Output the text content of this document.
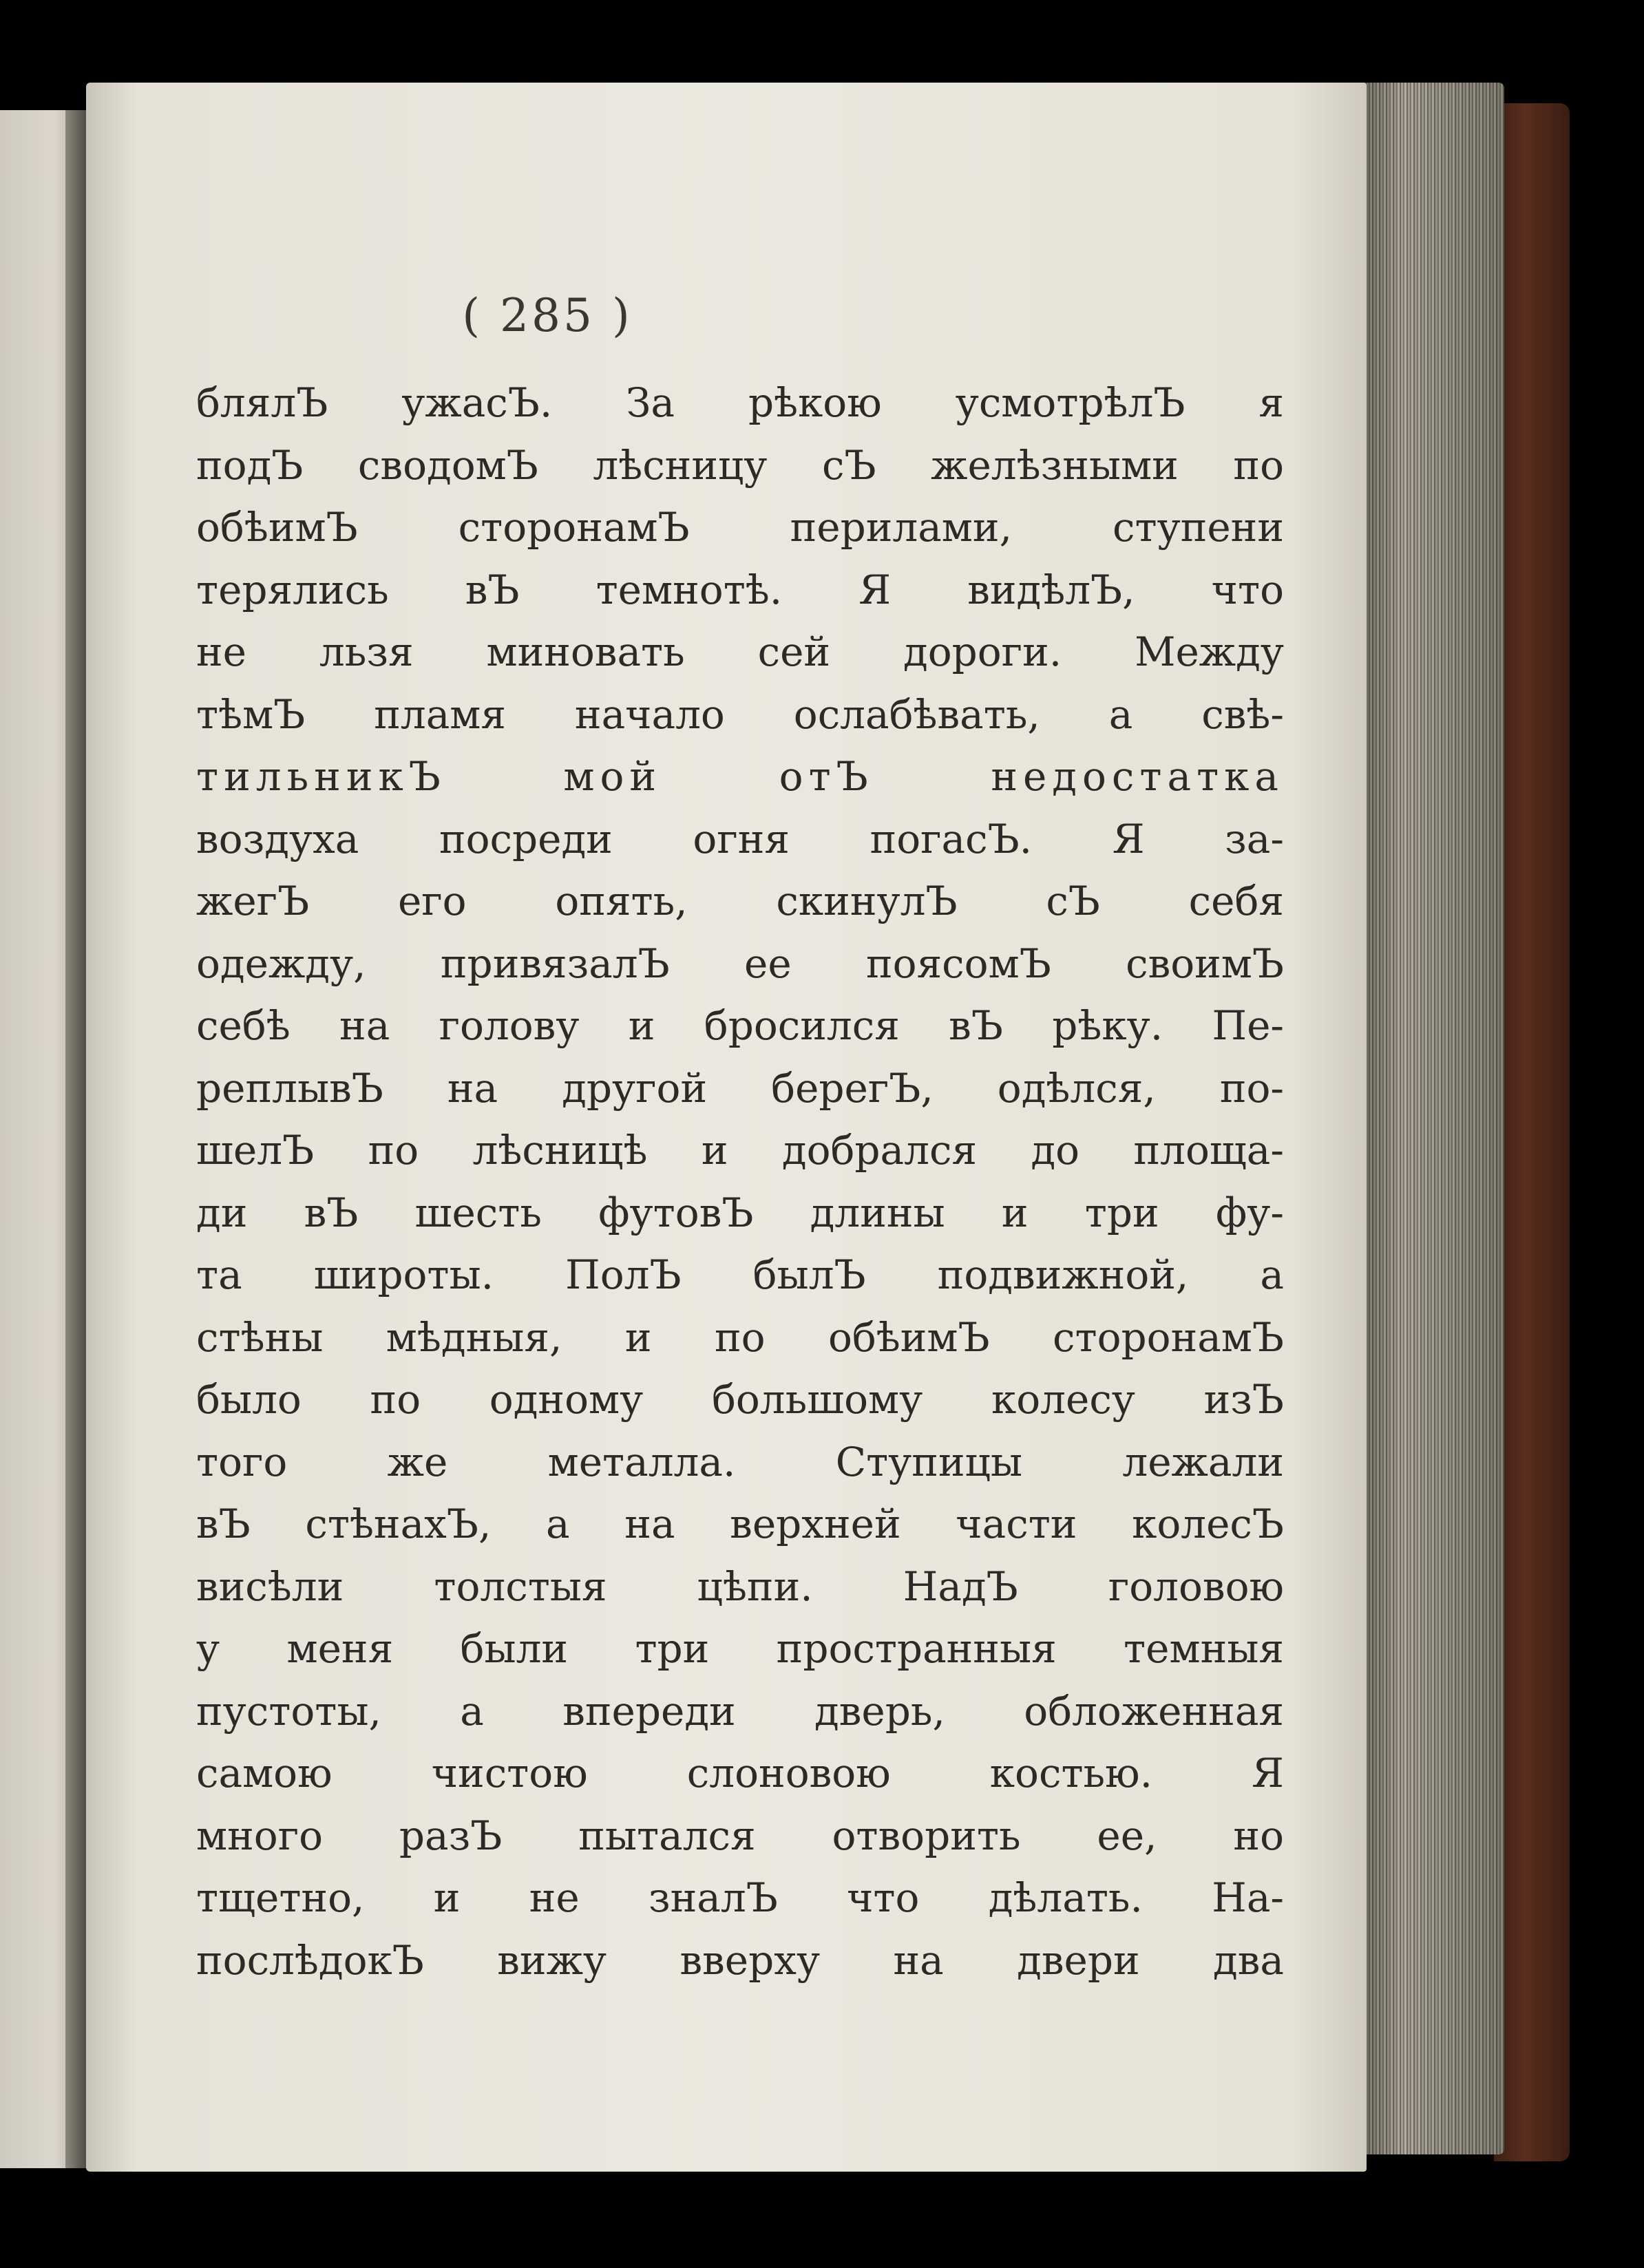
( 285 )
блялЪ ужасЪ. За рѣкою усмотрѣлЪ я
подЪ сводомЪ лѣсницу сЪ желѣзными по
обѣимЪ сторонамЪ перилами, ступени
терялись вЪ темнотѣ. Я видѣлЪ, что
не льзя миновать сей дороги. Между
тѣмЪ пламя начало ослабѣвать, а свѣ-
тильникЪ мой отЪ недостатка
воздуха посреди огня погасЪ. Я за-
жегЪ его опять, скинулЪ сЪ себя
одежду, привязалЪ ее поясомЪ своимЪ
себѣ на голову и бросился вЪ рѣку. Пе-
реплывЪ на другой берегЪ, одѣлся, по-
шелЪ по лѣсницѣ и добрался до площа-
ди вЪ шесть футовЪ длины и три фу-
та широты. ПолЪ былЪ подвижной, а
стѣны мѣдныя, и по обѣимЪ сторонамЪ
было по одному большому колесу изЪ
того же металла. Ступицы лежали
вЪ стѣнахЪ, а на верхней части колесЪ
висѣли толстыя цѣпи. НадЪ головою
у меня были три пространныя темныя
пустоты, а впереди дверь, обложенная
самою чистою слоновою костью. Я
много разЪ пытался отворить ее, но
тщетно, и не зналЪ что дѣлать. На-
послѣдокЪ вижу вверху на двери два
